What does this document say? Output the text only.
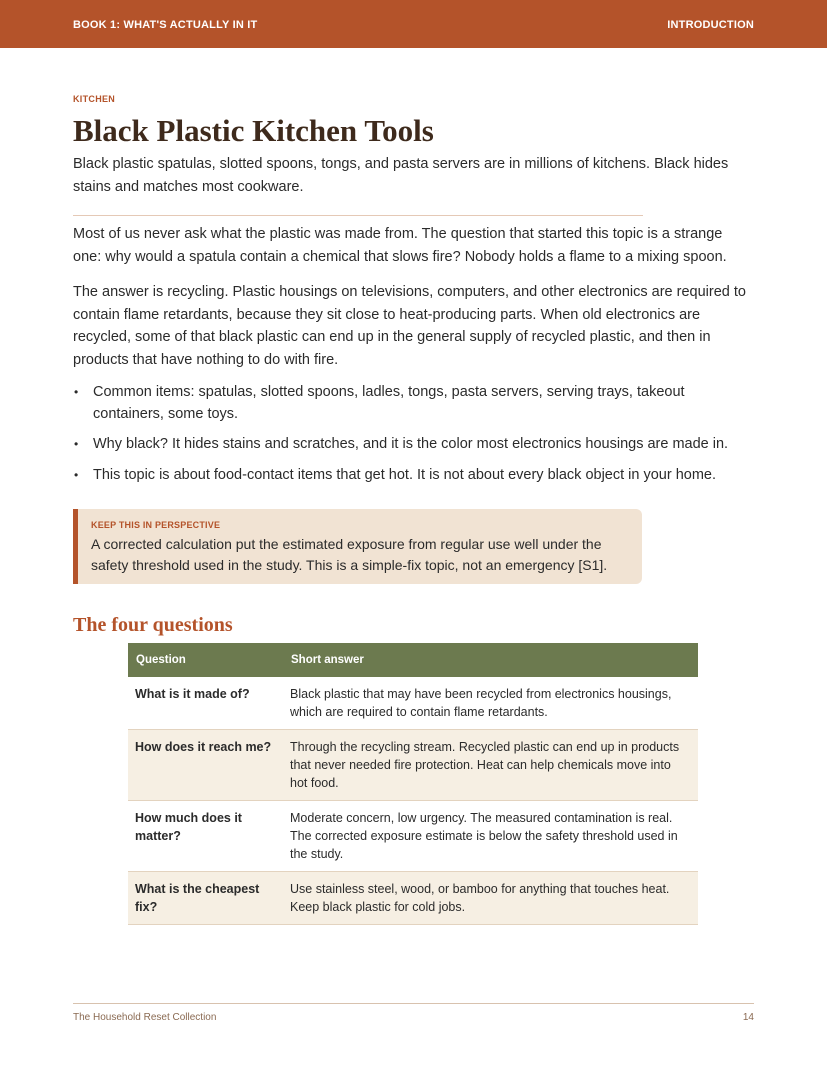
BOOK 1: WHAT'S ACTUALLY IN IT	INTRODUCTION
KITCHEN
Black Plastic Kitchen Tools

Black plastic spatulas, slotted spoons, tongs, and pasta servers are in millions of kitchens. Black hides stains and matches most cookware.

Most of us never ask what the plastic was made from. The question that started this topic is a strange one: why would a spatula contain a chemical that slows fire? Nobody holds a flame to a mixing spoon.

The answer is recycling. Plastic housings on televisions, computers, and other electronics are required to contain flame retardants, because they sit close to heat-producing parts. When old electronics are recycled, some of that black plastic can end up in the general supply of recycled plastic, and then in products that have nothing to do with fire.

• Common items: spatulas, slotted spoons, ladles, tongs, pasta servers, serving trays, takeout containers, some toys.
• Why black? It hides stains and scratches, and it is the color most electronics housings are made in.
• This topic is about food-contact items that get hot. It is not about every black object in your home.
KEEP THIS IN PERSPECTIVE
A corrected calculation put the estimated exposure from regular use well under the safety threshold used in the study. This is a simple-fix topic, not an emergency [S1].
The four questions
Question	Short answer
What is it made of?	Black plastic that may have been recycled from electronics housings, which are required to contain flame retardants.
How does it reach me?	Through the recycling stream. Recycled plastic can end up in products that never needed fire protection. Heat can help chemicals move into hot food.
How much does it matter?	Moderate concern, low urgency. The measured contamination is real. The corrected exposure estimate is below the safety threshold used in the study.
What is the cheapest fix?	Use stainless steel, wood, or bamboo for anything that touches heat. Keep black plastic for cold jobs.
The Household Reset Collection	14
